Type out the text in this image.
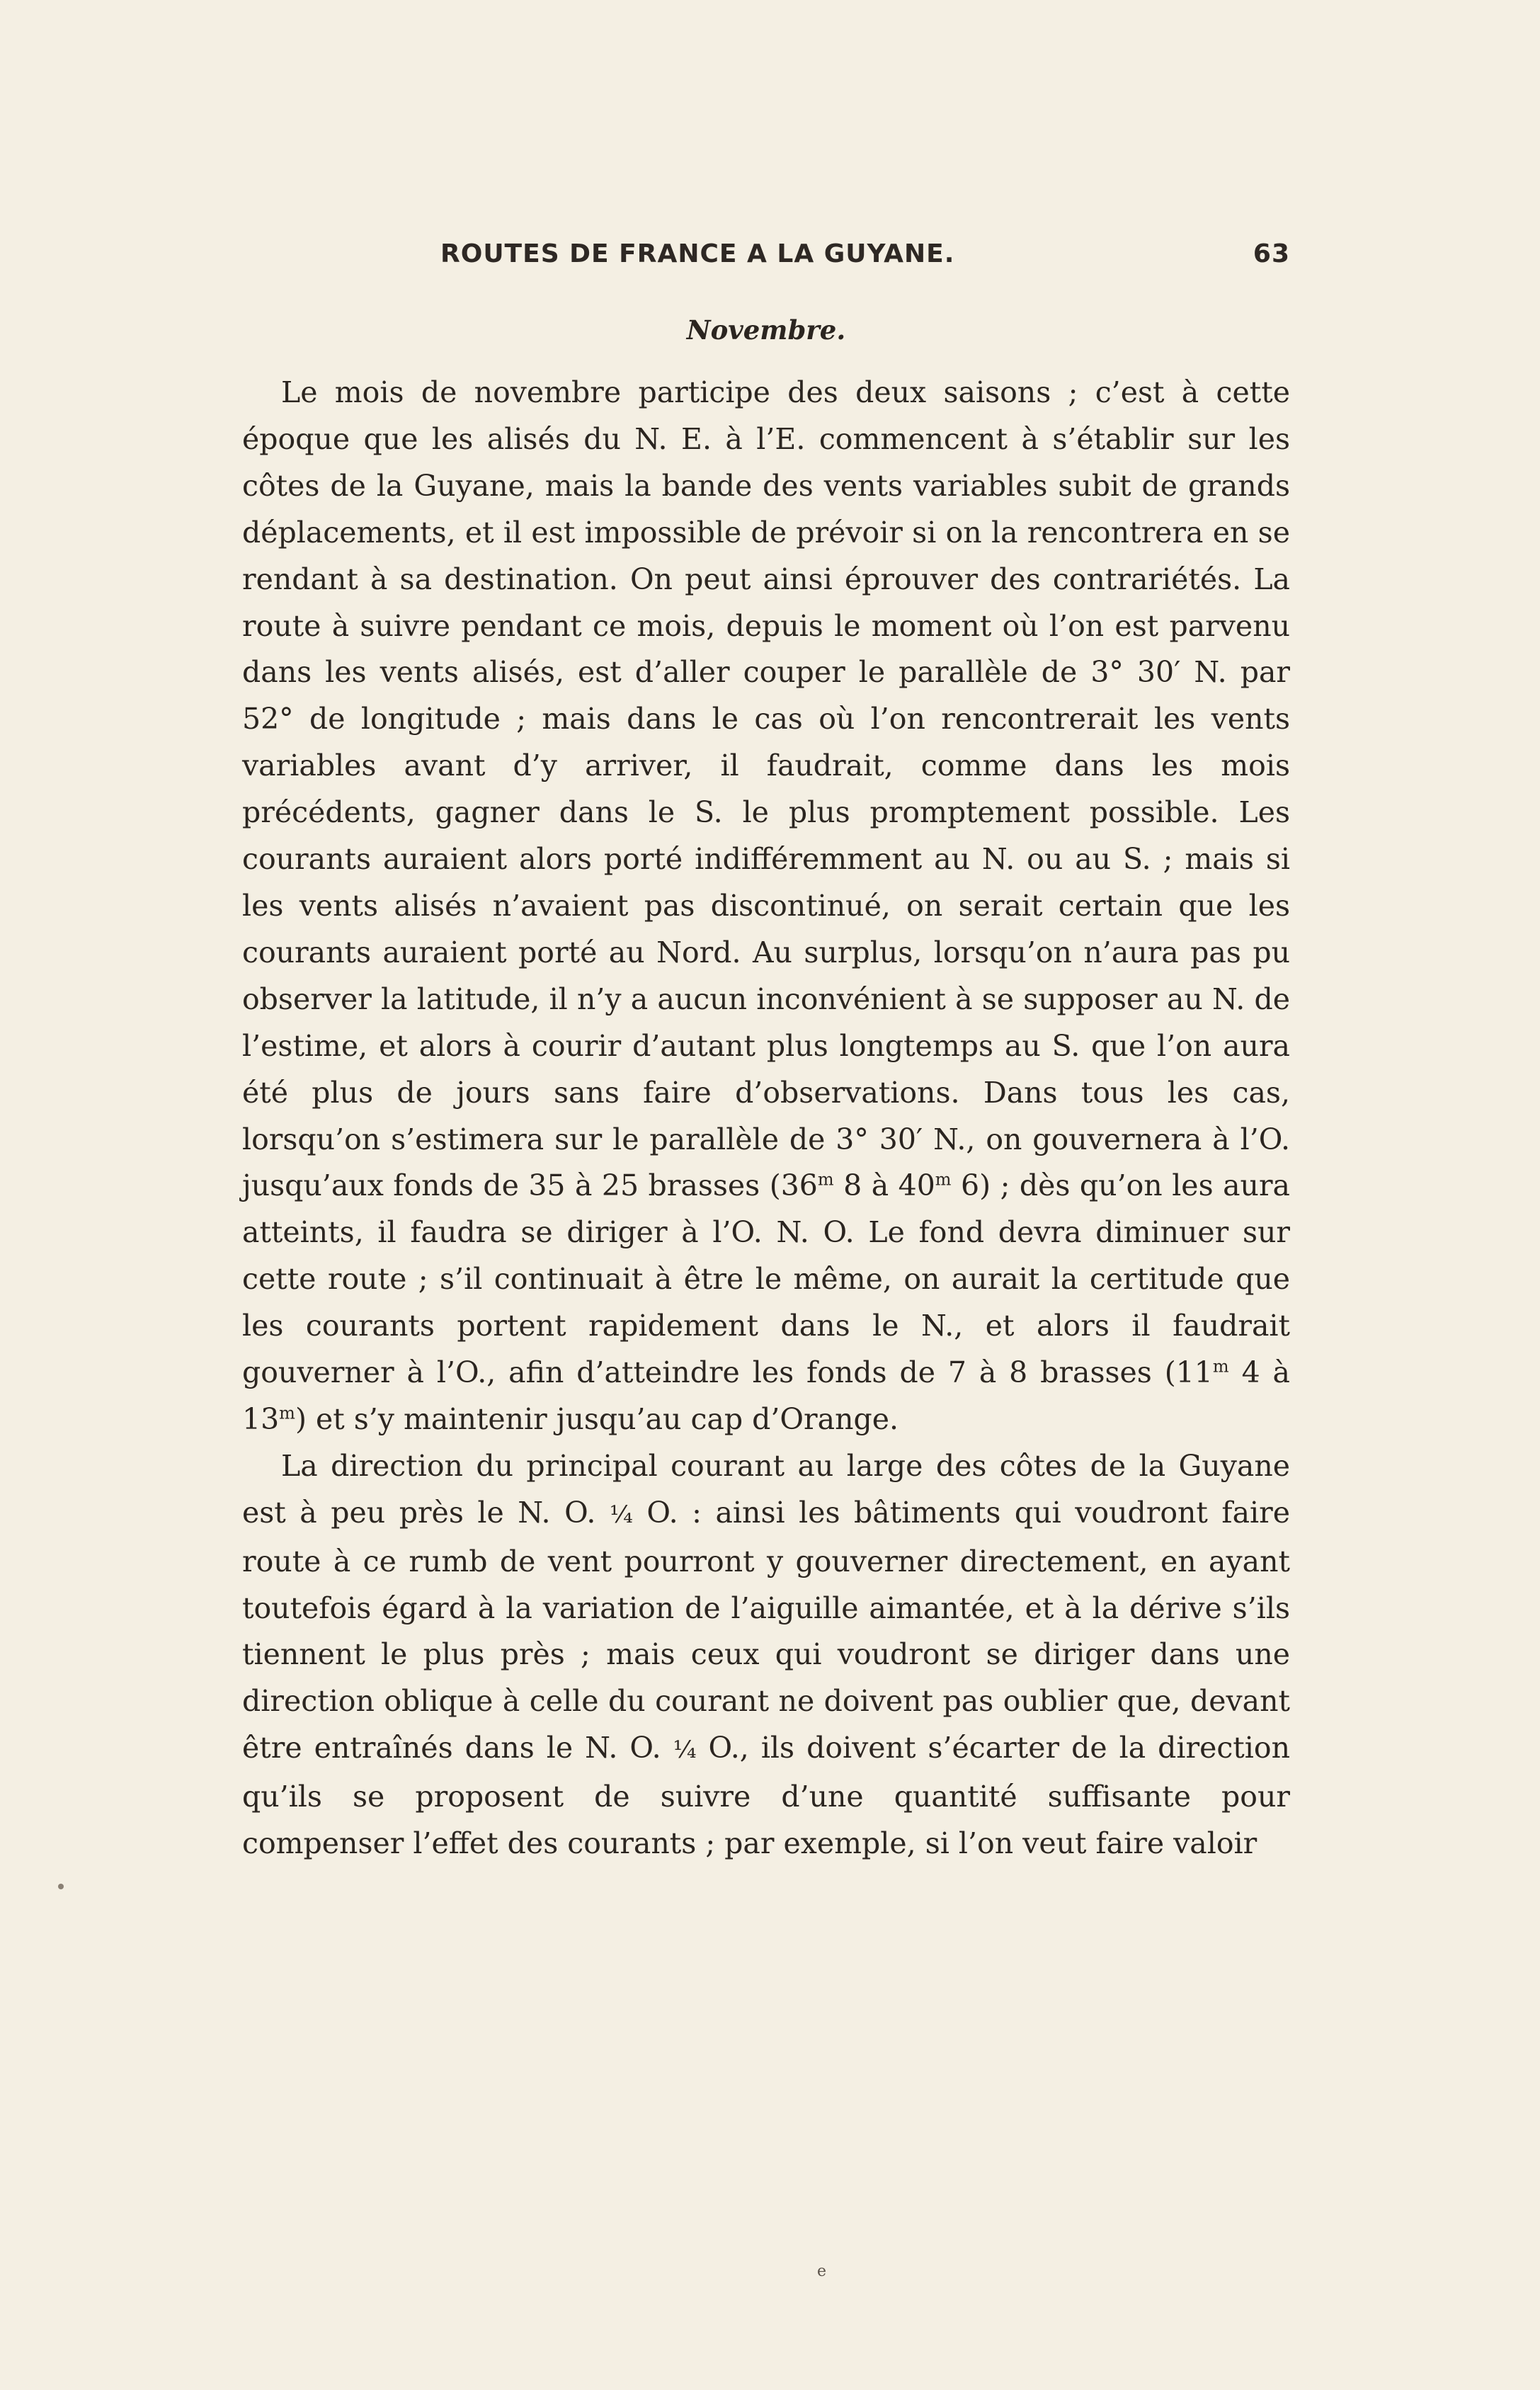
ROUTES DE FRANCE A LA GUYANE.	63
Novembre.

Le mois de novembre participe des deux saisons ; c’est à cette époque que les alisés du N. E. à l’E. commencent à s’établir sur les côtes de la Guyane, mais la bande des vents variables subit de grands déplacements, et il est impossible de prévoir si on la rencontrera en se rendant à sa destination. On peut ainsi éprouver des contrariétés. La route à suivre pendant ce mois, depuis le moment où l’on est parvenu dans les vents alisés, est d’aller couper le parallèle de 3° 30′ N. par 52° de longitude ; mais dans le cas où l’on rencontrerait les vents variables avant d’y arriver, il faudrait, comme dans les mois précédents, gagner dans le S. le plus promptement possible. Les courants auraient alors porté indifféremment au N. ou au S. ; mais si les vents alisés n’avaient pas discontinué, on serait certain que les courants auraient porté au Nord. Au surplus, lorsqu’on n’aura pas pu observer la latitude, il n’y a aucun inconvénient à se supposer au N. de l’estime, et alors à courir d’autant plus longtemps au S. que l’on aura été plus de jours sans faire d’observations. Dans tous les cas, lorsqu’on s’estimera sur le parallèle de 3° 30′ N., on gouvernera à l’O. jusqu’aux fonds de 35 à 25 brasses (36$^m$ 8 à 40$^m$ 6) ; dès qu’on les aura atteints, il faudra se diriger à l’O. N. O. Le fond devra diminuer sur cette route ; s’il continuait à être le même, on aurait la certitude que les courants portent rapidement dans le N., et alors il faudrait gouverner à l’O., afin d’atteindre les fonds de 7 à 8 brasses (11$^m$ 4 à 13$^m$) et s’y maintenir jusqu’au cap d’Orange.

La direction du principal courant au large des côtes de la Guyane est à peu près le N. O. ¼ O. : ainsi les bâtiments qui voudront faire route à ce rumb de vent pourront y gouverner directement, en ayant toutefois égard à la variation de l’aiguille aimantée, et à la dérive s’ils tiennent le plus près ; mais ceux qui voudront se diriger dans une direction oblique à celle du courant ne doivent pas oublier que, devant être entraînés dans le N. O. ¼ O., ils doivent s’écarter de la direction qu’ils se proposent de suivre d’une quantité suffisante pour compenser l’effet des courants ; par exemple, si l’on veut faire valoir

e
